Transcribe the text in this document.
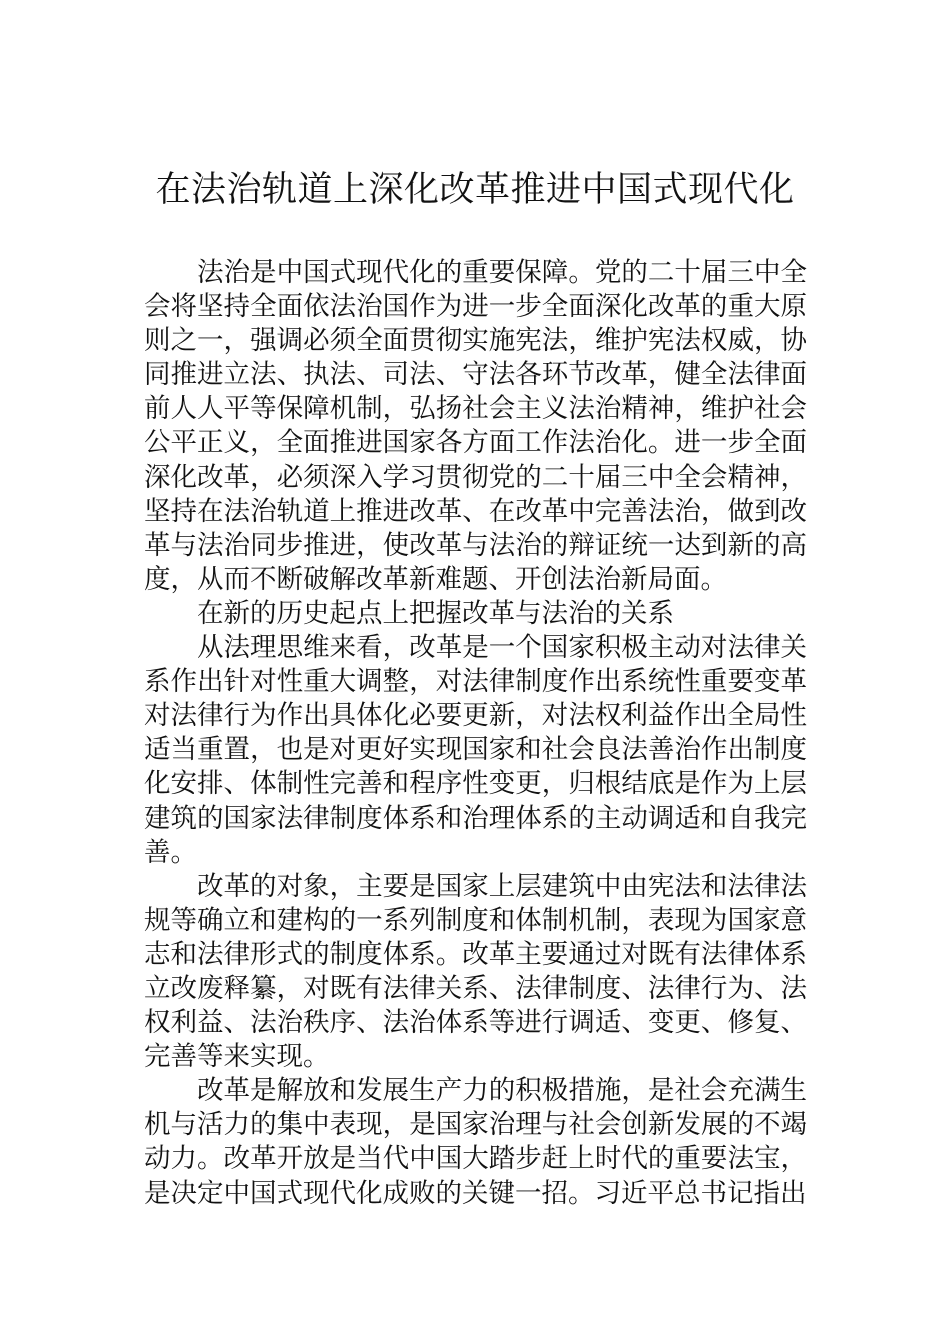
在法治轨道上深化改革推进中国式现代化

法治是中国式现代化的重要保障。党的二十届三中全会将坚持全面依法治国作为进一步全面深化改革的重大原则之一，强调必须全面贯彻实施宪法，维护宪法权威，协同推进立法、执法、司法、守法各环节改革，健全法律面前人人平等保障机制，弘扬社会主义法治精神，维护社会公平正义，全面推进国家各方面工作法治化。进一步全面深化改革，必须深入学习贯彻党的二十届三中全会精神，坚持在法治轨道上推进改革、在改革中完善法治，做到改革与法治同步推进，使改革与法治的辩证统一达到新的高度，从而不断破解改革新难题、开创法治新局面。

在新的历史起点上把握改革与法治的关系

从法理思维来看，改革是一个国家积极主动对法律关系作出针对性重大调整，对法律制度作出系统性重要变革对法律行为作出具体化必要更新，对法权利益作出全局性适当重置，也是对更好实现国家和社会良法善治作出制度化安排、体制性完善和程序性变更，归根结底是作为上层建筑的国家法律制度体系和治理体系的主动调适和自我完善。

改革的对象，主要是国家上层建筑中由宪法和法律法规等确立和建构的一系列制度和体制机制，表现为国家意志和法律形式的制度体系。改革主要通过对既有法律体系立改废释纂，对既有法律关系、法律制度、法律行为、法权利益、法治秩序、法治体系等进行调适、变更、修复、完善等来实现。

改革是解放和发展生产力的积极措施，是社会充满生机与活力的集中表现，是国家治理与社会创新发展的不竭动力。改革开放是当代中国大踏步赶上时代的重要法宝，是决定中国式现代化成败的关键一招。习近平总书记指出
